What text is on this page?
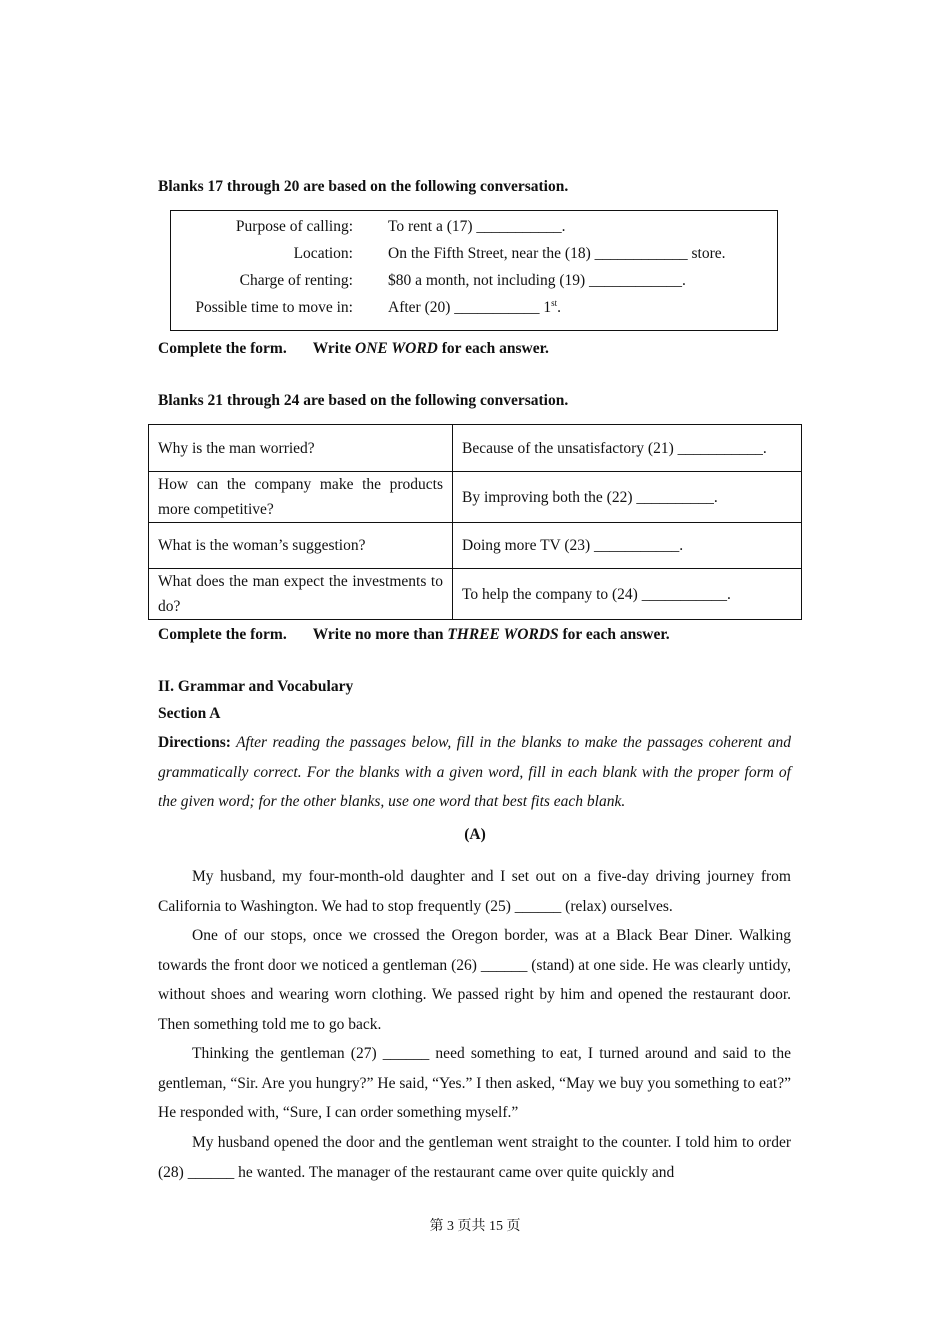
Blanks 17 through 20 are based on the following conversation.
Purpose of calling: To rent a (17) ___________.
Location: On the Fifth Street, near the (18) ____________ store.
Charge of renting: $80 a month, not including (19) ____________.
Possible time to move in: After (20) ___________ 1st.
Complete the form. Write ONE WORD for each answer.
Blanks 21 through 24 are based on the following conversation.
Why is the man worried?	Because of the unsatisfactory (21) ___________.
How can the company make the products more competitive?	By improving both the (22) __________.
What is the woman’s suggestion?	Doing more TV (23) ___________.
What does the man expect the investments to do?	To help the company to (24) ___________.
Complete the form. Write no more than THREE WORDS for each answer.
II. Grammar and Vocabulary
Section A
Directions: After reading the passages below, fill in the blanks to make the passages coherent and grammatically correct. For the blanks with a given word, fill in each blank with the proper form of the given word; for the other blanks, use one word that best fits each blank.
(A)
My husband, my four-month-old daughter and I set out on a five-day driving journey from California to Washington. We had to stop frequently (25) ______ (relax) ourselves.
One of our stops, once we crossed the Oregon border, was at a Black Bear Diner. Walking towards the front door we noticed a gentleman (26) ______ (stand) at one side. He was clearly untidy, without shoes and wearing worn clothing. We passed right by him and opened the restaurant door. Then something told me to go back.
Thinking the gentleman (27) ______ need something to eat, I turned around and said to the gentleman, “Sir. Are you hungry?” He said, “Yes.” I then asked, “May we buy you something to eat?” He responded with, “Sure, I can order something myself.”
My husband opened the door and the gentleman went straight to the counter. I told him to order (28) ______ he wanted. The manager of the restaurant came over quite quickly and
第 3 页共 15 页
